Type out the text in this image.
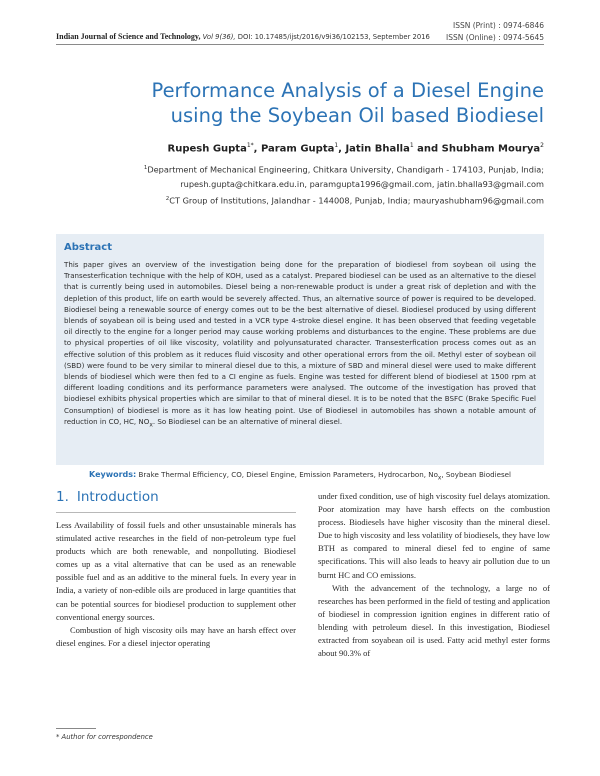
ISSN (Print) : 0974-6846
ISSN (Online) : 0974-5645
Indian Journal of Science and Technology, Vol 9(36), DOI: 10.17485/ijst/2016/v9i36/102153, September 2016
Performance Analysis of a Diesel Engine
using the Soybean Oil based Biodiesel
Rupesh Gupta$^{1*}$, Param Gupta$^1$, Jatin Bhalla$^1$ and Shubham Mourya$^2$
$^1$Department of Mechanical Engineering, Chitkara University, Chandigarh - 174103, Punjab, India;
rupesh.gupta@chitkara.edu.in, paramgupta1996@gmail.com, jatin.bhalla93@gmail.com
$^2$CT Group of Institutions, Jalandhar - 144008, Punjab, India; mauryashubham96@gmail.com
Abstract

This paper gives an overview of the investigation being done for the preparation of biodiesel from soybean oil using the Transesterfication technique with the help of KOH, used as a catalyst. Prepared biodiesel can be used as an alternative to the diesel that is currently being used in automobiles. Diesel being a non-renewable product is under a great risk of depletion and with the depletion of this product, life on earth would be severely affected. Thus, an alternative source of power is required to be developed. Biodiesel being a renewable source of energy comes out to be the best alternative of diesel. Biodiesel produced by using different blends of soyabean oil is being used and tested in a VCR type 4-stroke diesel engine. It has been observed that feeding vegetable oil directly to the engine for a longer period may cause working problems and disturbances to the engine. These problems are due to physical properties of oil like viscosity, volatility and polyunsaturated character. Transesterfication process comes out as an effective solution of this problem as it reduces fluid viscosity and other operational errors from the oil. Methyl ester of soybean oil (SBD) were found to be very similar to mineral diesel due to this, a mixture of SBD and mineral diesel were used to make different blends of biodiesel which were then fed to a CI engine as fuels. Engine was tested for different blend of biodiesel at 1500 rpm at different loading conditions and its performance parameters were analysed. The outcome of the investigation has proved that biodiesel exhibits physical properties which are similar to that of mineral diesel. It is to be noted that the BSFC (Brake Specific Fuel Consumption) of biodiesel is more as it has low heating point. Use of Biodiesel in automobiles has shown a notable amount of reduction in CO, HC, $NO_x$. So Biodiesel can be an alternative of mineral diesel.

Keywords: Brake Thermal Efficiency, CO, Diesel Engine, Emission Parameters, Hydrocarbon, $No_x$, Soybean Biodiesel
1. Introduction

Less Availability of fossil fuels and other unsustainable minerals has stimulated active researches in the field of non-petroleum type fuel products which are both renewable, and nonpolluting. Biodiesel comes up as a vital alternative that can be used as an renewable possible fuel and as an additive to the mineral fuels. In every year in India, a variety of non-edible oils are produced in large quantities that can be potential sources for biodiesel production to supplement other conventional energy sources.

Combustion of high viscosity oils may have an harsh effect over diesel engines. For a diesel injector operating

under fixed condition, use of high viscosity fuel delays atomization. Poor atomization may have harsh effects on the combustion process. Biodiesels have higher viscosity than the mineral diesel. Due to high viscosity and less volatility of biodiesels, they have low BTH as compared to mineral diesel fed to engine of same specifications. This will also leads to heavy air pollution due to un burnt HC and CO emissions.

With the advancement of the technology, a large no of researches has been performed in the field of testing and application of biodiesel in compression ignition engines in different ratio of blending with petroleum diesel. In this investigation, Biodiesel extracted from soyabean oil is used. Fatty acid methyl ester forms about 90.3% of

* Author for correspondence
